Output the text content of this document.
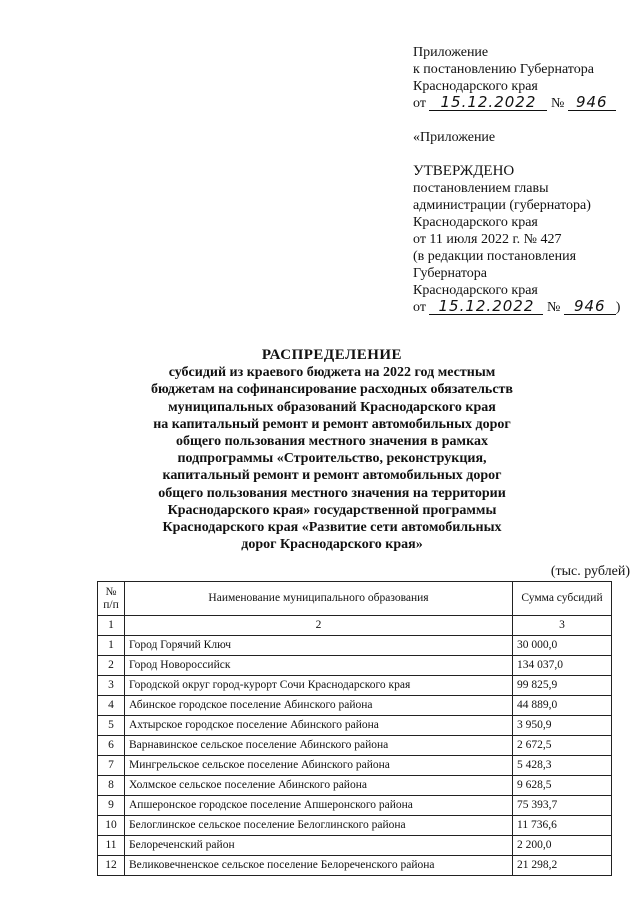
Приложение
к постановлению Губернатора
Краснодарского края
от 15.12.2022 № 946
«Приложение
УТВЕРЖДЕНО
постановлением главы
администрации (губернатора)
Краснодарского края
от 11 июля 2022 г. № 427
(в редакции постановления
Губернатора
Краснодарского края
от 15.12.2022 № 946 )
РАСПРЕДЕЛЕНИЕ
субсидий из краевого бюджета на 2022 год местным
бюджетам на софинансирование расходных обязательств
муниципальных образований Краснодарского края
на капитальный ремонт и ремонт автомобильных дорог
общего пользования местного значения в рамках
подпрограммы «Строительство, реконструкция,
капитальный ремонт и ремонт автомобильных дорог
общего пользования местного значения на территории
Краснодарского края» государственной программы
Краснодарского края «Развитие сети автомобильных
дорог Краснодарского края»
(тыс. рублей)
№ п/п	Наименование муниципального образования	Сумма субсидий
1	2	3
1	Город Горячий Ключ	30 000,0
2	Город Новороссийск	134 037,0
3	Городской округ город-курорт Сочи Краснодарского края	99 825,9
4	Абинское городское поселение Абинского района	44 889,0
5	Ахтырское городское поселение Абинского района	3 950,9
6	Варнавинское сельское поселение Абинского района	2 672,5
7	Мингрельское сельское поселение Абинского района	5 428,3
8	Холмское сельское поселение Абинского района	9 628,5
9	Апшеронское городское поселение Апшеронского района	75 393,7
10	Белоглинское сельское поселение Белоглинского района	11 736,6
11	Белореченский район	2 200,0
12	Великовечненское сельское поселение Белореченского района	21 298,2
